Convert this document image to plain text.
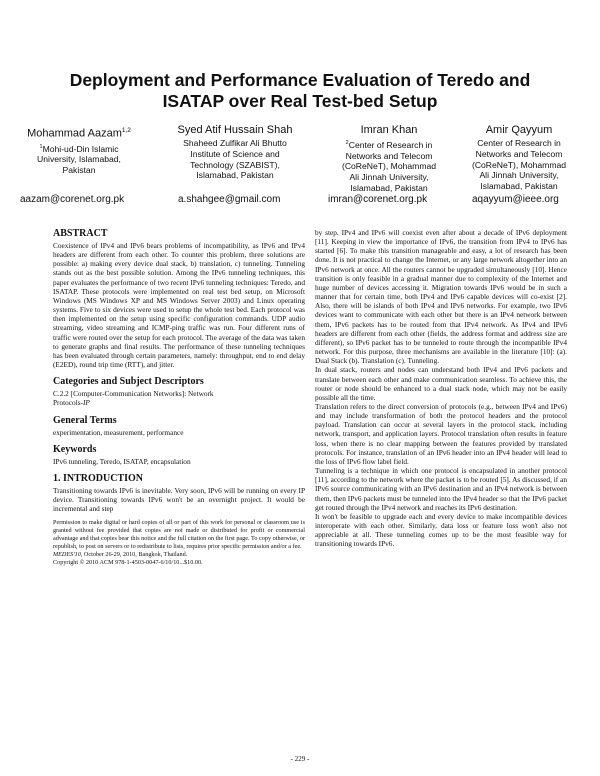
Deployment and Performance Evaluation of Teredo and
ISATAP over Real Test-bed Setup
Mohammad Aazam$^{1,2}$
$^1$Mohi-ud-Din Islamic
University, Islamabad,
Pakistan
Syed Atif Hussain Shah
Shaheed Zulfikar Ali Bhutto
Institute of Science and
Technology (SZABIST),
Islamabad, Pakistan
Imran Khan
$^2$Center of Research in
Networks and Telecom
(CoReNeT), Mohammad
Ali Jinnah University,
Islamabad, Pakistan
Amir Qayyum
Center of Research in
Networks and Telecom
(CoReNeT), Mohammad
Ali Jinnah University,
Islamabad, Pakistan
aazam@corenet.org.pk	a.shahgee@gmail.com	imran@corenet.org.pk	aqayyum@ieee.org
ABSTRACT

Coexistence of IPv4 and IPv6 bears problems of incompatibility, as IPv6 and IPv4 headers are different from each other. To counter this problem, three solutions are possible: a) making every device dual stack, b) translation, c) tunneling. Tunneling stands out as the best possible solution. Among the IPv6 tunneling techniques, this paper evaluates the performance of two recent IPv6 tunneling techniques: Teredo, and ISATAP. These protocols were implemented on real test bed setup, on Microsoft Windows (MS Windows XP and MS Windows Server 2003) and Linux operating systems. Five to six devices were used to setup the whole test bed. Each protocol was then implemented on the setup using specific configuration commands. UDP audio streaming, video streaming and ICMP-ping traffic was run. Four different runs of traffic were routed over the setup for each protocol. The average of the data was taken to generate graphs and final results. The performance of these tunneling techniques has been evaluated through certain parameters, namely: throughput, end to end delay (E2ED), round trip time (RTT), and jitter.

Categories and Subject Descriptors
C.2.2 [Computer-Communication Networks]: Network
Protocols-IP
General Terms
experimentation, measurement, performance
Keywords
IPv6 tunneling, Teredo, ISATAP, encapsulation
1. INTRODUCTION

Transitioning towards IPv6 is inevitable. Very soon, IPv6 will be running on every IP device. Transitioning towards IPv6 won't be an overnight project. It would be incremental and step

Permission to make digital or hard copies of all or part of this work for personal or classroom use is granted without fee provided that copies are not made or distributed for profit or commercial advantage and that copies bear this notice and the full citation on the first page. To copy otherwise, or republish, to post on servers or to redistribute to lists, requires prior specific permission and/or a fee.
MEDES'10, October 26-29, 2010, Bangkok, Thailand.
Copyright © 2010 ACM 978-1-4503-0047-6/10/10...$10.00.

by step. IPv4 and IPv6 will coexist even after about a decade of IPv6 deployment [11]. Keeping in view the importance of IPv6, the transition from IPv4 to IPv6 has started [6]. To make this transition manageable and easy, a lot of research has been done. It is not practical to change the Internet, or any large network altogether into an IPv6 network at once. All the routers cannot be upgraded simultaneously [10]. Hence transition is only feasible in a gradual manner due to complexity of the Internet and huge number of devices accessing it. Migration towards IPv6 would be in such a manner that for certain time, both IPv4 and IPv6 capable devices will co-exist [2]. Also, there will be islands of both IPv4 and IPv6 networks. For example, two IPv6 devices want to communicate with each other but there is an IPv4 network between them, IPv6 packets has to be routed from that IPv4 network. As IPv4 and IPv6 headers are different from each other (fields, the address format and address size are different), so IPv6 packet has to be tunneled to route through the incompatible IPv4 network. For this purpose, three mechanisms are available in the literature [10]: (a). Dual Stack (b). Translation (c). Tunneling.

In dual stack, routers and nodes can understand both IPv4 and IPv6 packets and translate between each other and make communication seamless. To achieve this, the router or node should be enhanced to a dual stack node, which may not be easily possible all the time.

Translation refers to the direct conversion of protocols (e.g., between IPv4 and IPv6) and may include transformation of both the protocol headers and the protocol payload. Translation can occur at several layers in the protocol stack, including network, transport, and application layers. Protocol translation often results in feature loss, when there is no clear mapping between the features provided by translated protocols. For instance, translation of an IPv6 header into an IPv4 header will lead to the loss of IPv6 flow label field.

Tunneling is a technique in which one protocol is encapsulated in another protocol [11], according to the network where the packet is to be routed [5]. As discussed, if an IPv6 source communicating with an IPv6 destination and an IPv4 network is between them, then IPv6 packets must be tunneled into the IPv4 header so that the IPv6 packet get routed through the IPv4 network and reaches its IPv6 destination.

It won't be feasible to upgrade each and every device to make incompatible devices interoperate with each other. Similarly, data loss or feature loss won't also not appreciable at all. These tunneling comes up to be the most feasible way for transitioning towards IPv6.

- 229 -
